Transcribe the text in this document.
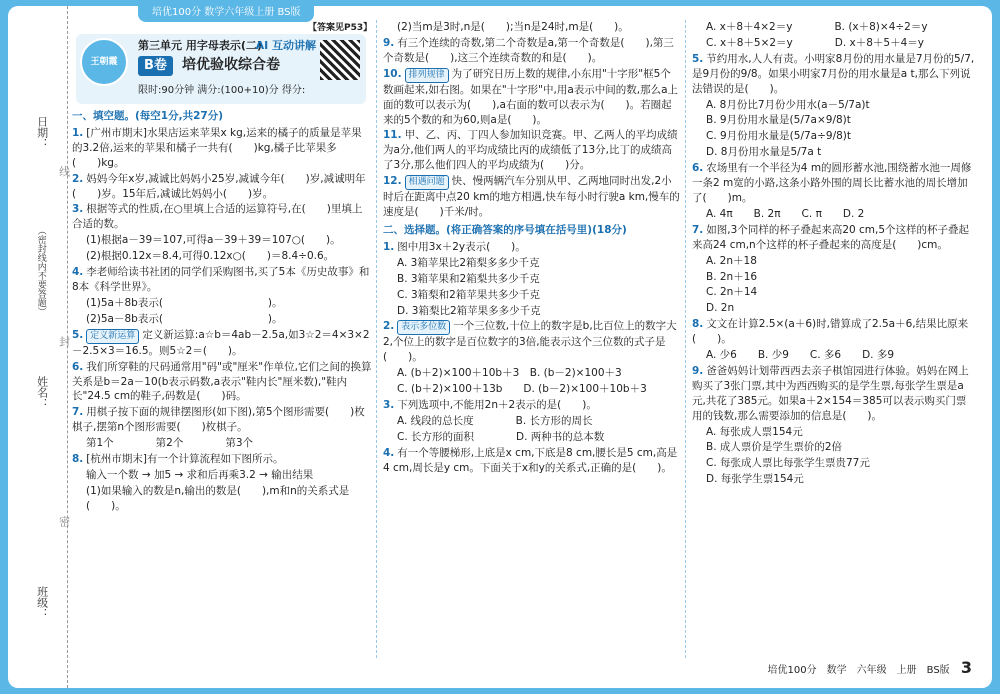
培优100分 数学六年级上册 BS版
日期：
（密封线内不要答题）
姓名：
班级：
线
封
密
王朝霞
第三单元 用字母表示(二)
B卷	培优验收综合卷
限时:90分钟 满分:(100+10)分 得分:
AI 互动讲解
【答案见P53】

一、填空题。(每空1分,共27分)

1. [广州市期末]水果店运来苹果x kg,运来的橘子的质量是苹果的3.2倍,运来的苹果和橘子一共有(　　)kg,橘子比苹果多(　　)kg。

2. 妈妈今年x岁,减诚比妈妈小25岁,减诚今年(　　)岁,减诚明年(　　)岁。15年后,减诚比妈妈小(　　)岁。

3. 根据等式的性质,在○里填上合适的运算符号,在(　　)里填上合适的数。

(1)根据a－39＝107,可得a－39＋39＝107○(　　)。

(2)根据0.12x＝8.4,可得0.12x○(　　)＝8.4÷0.6。

4. 李老师给读书社团的同学们采购图书,买了5本《历史故事》和8本《科学世界》。

(1)5a＋8b表示(　　　　　　　　　　)。

(2)5a－8b表示(　　　　　　　　　　)。

5. 定义新运算 定义新运算:a☆b＝4ab－2.5a,如3☆2＝4×3×2－2.5×3＝16.5。则5☆2＝(　　)。

6. 我们所穿鞋的尺码通常用"码"或"厘米"作单位,它们之间的换算关系是b＝2a－10(b表示码数,a表示"鞋内长"厘米数),"鞋内长"24.5 cm的鞋子,码数是(　　)码。

7. 用棋子按下面的规律摆图形(如下图),第5个图形需要(　　)枚棋子,摆第n个图形需要(　　)枚棋子。

第1个　　　　第2个　　　　第3个

8. [杭州市期末]有一个计算流程如下图所示。

输入一个数 → 加5 → 求和后再乘3.2 → 输出结果

(1)如果输入的数是n,输出的数是(　　),m和n的关系式是(　　)。

(2)当m是3时,n是(　　);当n是24时,m是(　　)。

9. 有三个连续的奇数,第二个奇数是a,第一个奇数是(　　),第三个奇数是(　　),这三个连续奇数的和是(　　)。

10. 排列规律 为了研究日历上数的规律,小东用"十字形"框5个数画起来,如右图。如果在"十字形"中,用a表示中间的数,那么a上面的数可以表示为(　　),a右面的数可以表示为(　　)。若圈起来的5个数的和为60,则a是(　　)。

11. 甲、乙、丙、丁四人参加知识竞赛。甲、乙两人的平均成绩为a分,他们两人的平均成绩比丙的成绩低了13分,比丁的成绩高了3分,那么他们四人的平均成绩为(　　)分。

12. 相遇问题 快、慢两辆汽车分别从甲、乙两地同时出发,2小时后在距离中点20 km的地方相遇,快车每小时行驶a km,慢车的速度是(　　)千米/时。

二、选择题。(将正确答案的序号填在括号里)(18分)

1. 图中用3x＋2y表示(　　)。

A. 3箱苹果比2箱梨多多少千克

B. 3箱苹果和2箱梨共多少千克

C. 3箱梨和2箱苹果共多少千克

D. 3箱梨比2箱苹果多多少千克

2. 表示多位数 一个三位数,十位上的数字是b,比百位上的数字大2,个位上的数字是百位数字的3倍,能表示这个三位数的式子是(　　)。

A. (b＋2)×100＋10b＋3　B. (b－2)×100＋3

C. (b＋2)×100＋13b　　D. (b－2)×100＋10b＋3

3. 下列选项中,不能用2n＋2表示的是(　　)。

A. 线段的总长度　　　　B. 长方形的周长

C. 长方形的面积　　　　D. 两种书的总本数

4. 有一个等腰梯形,上底是x cm,下底是8 cm,腰长是5 cm,高是4 cm,周长是y cm。下面关于x和y的关系式,正确的是(　　)。

A. x＋8＋4×2＝y　　　　B. (x＋8)×4÷2＝y

C. x＋8＋5×2＝y　　　　D. x＋8＋5＋4＝y

5. 节约用水,人人有责。小明家8月份的用水量是7月份的5/7,是9月份的9/8。如果小明家7月份的用水量是a t,那么下列说法错误的是(　　)。

A. 8月份比7月份少用水(a－5/7a)t

B. 9月份用水量是(5/7a×9/8)t

C. 9月份用水量是(5/7a÷9/8)t

D. 8月份用水量是5/7a t

6. 农场里有一个半径为4 m的圆形蓄水池,围绕蓄水池一周修一条2 m宽的小路,这条小路外围的周长比蓄水池的周长增加了(　　)m。

A. 4π　　B. 2π　　C. π　　D. 2

7. 如图,3个同样的杯子叠起来高20 cm,5个这样的杯子叠起来高24 cm,n个这样的杯子叠起来的高度是(　　)cm。

A. 2n＋18

B. 2n＋16

C. 2n＋14

D. 2n

8. 文文在计算2.5×(a＋6)时,错算成了2.5a＋6,结果比原来(　　)。

A. 少6　　B. 少9　　C. 多6　　D. 多9

9. 爸爸妈妈计划带西西去亲子棋馆园进行体验。妈妈在网上购买了3张门票,其中为西西购买的是学生票,每张学生票是a元,共花了385元。如果a＋2×154＝385可以表示购买门票用的钱数,那么需要添加的信息是(　　)。

A. 每张成人票154元

B. 成人票价是学生票价的2倍

C. 每张成人票比每张学生票贵77元

D. 每张学生票154元

培优100分　数学　六年级　上册　BS版 3
